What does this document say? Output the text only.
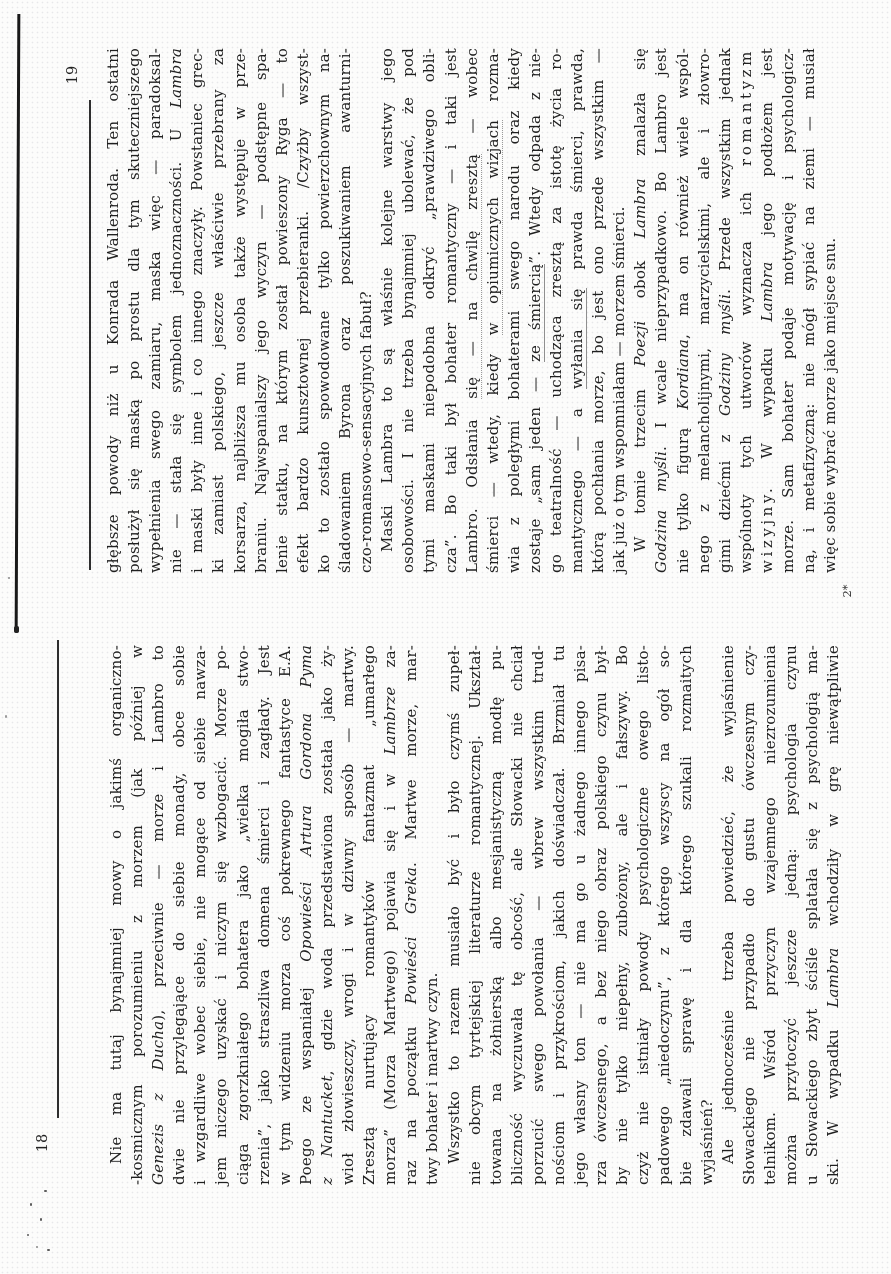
19	głębsze powody niż u Konrada Wallenroda. Ten ostatni posłużył się maską po prostu dla tym skuteczniejszego wypełnienia swego zamiaru, maska więc — paradoksal- nie — stała się symbolem jednoznaczności. U Lambra i maski były inne i co innego znaczyły. Powstaniec grec- ki zamiast polskiego, jeszcze właściwie przebrany za korsarza, najbliższa mu osoba także występuje w prze- braniu. Najwspanialszy jego wyczyn — podstępne spa- lenie statku, na którym został powieszony Ryga — to efekt bardzo kunsztownej przebieranki. /Czyżby wszyst- ko to zostało spowodowane tylko powierzchownym na- śladowaniem Byrona oraz poszukiwaniem awanturni- czo-romansowo-sensacyjnych fabuł? Maski Lambra to są właśnie kolejne warstwy jego osobowości. I nie trzeba bynajmniej ubolewać, że pod tymi maskami niepodobna odkryć „prawdziwego obli- cza”. Bo taki był bohater romantyczny — i taki jest Lambro. Odsłania się — na chwilę zresztą — wobec
śmierci — wtedy, kiedy w opiumicznych wizjach rozma- wia z poległymi bohaterami swego narodu oraz kiedy zostaje „sam jeden — ze śmiercią”. Wtedy odpada z nie- go teatralność — uchodząca zresztą za istotę życia ro- mantycznego — a wyłania się prawda śmierci, prawda, którą pochłania morze, bo jest ono przede wszystkim — jak już o tym wspomniałam — morzem śmierci. W tomie trzecim Poezji obok Lambra znalazła się
Godzina myśli. I wcale nieprzypadkowo. Bo Lambro jest
nie tylko figurą Kordiana, ma on również wiele wspól- nego z melancholijnymi, marzycielskimi, ale i złowro- gimi dziećmi z Godziny myśli. Przede wszystkim jednak wspólnoty tych utworów wyznacza ich romantyzm
wizyjny. W wypadku Lambra jego podłożem jest morze. Sam bohater podaje motywację i psychologicz- ną, i metafizyczną: nie mógł sypiać na ziemi — musiał więc sobie wybrać morze jako miejsce snu.
2*
18	Nie ma tutaj bynajmniej mowy o jakimś organiczno- -kosmicznym porozumieniu z morzem (jak później w Genezis z Ducha), przeciwnie — morze i Lambro to dwie nie przylegające do siebie monady, obce sobie i wzgardliwe wobec siebie, nie mogące od siebie nawza- jem niczego uzyskać i niczym się wzbogacić. Morze po- ciąga zgorzkniałego bohatera jako „wielka mogiła stwo- rzenia”, jako straszliwa domena śmierci i zagłady. Jest w tym widzeniu morza coś pokrewnego fantastyce E.A. Poego ze wspaniałej Opowieści Artura Gordona Pyma
z Nantucket, gdzie woda przedstawiona została jako ży- wioł złowieszczy, wrogi i w dziwny sposób — martwy. Zresztą nurtujący romantyków fantazmat „umarłego morza” (Morza Martwego) pojawia się i w Lambrze za-
raz na początku Powieści Greka. Martwe morze, mar-
twy bohater i martwy czyn. Wszystko to razem musiało być i było czymś zupeł- nie obcym tyrtejskiej literaturze romantycznej. Ukształ- towana na żołnierską albo mesjanistyczną modłę pu- bliczność wyczuwała tę obcość, ale Słowacki nie chciał porzucić swego powołania — wbrew wszystkim trud- nościom i przykrościom, jakich doświadczał. Brzmiał tu jego własny ton — nie ma go u żadnego innego pisa- rza ówczesnego, a bez niego obraz polskiego czynu był- by nie tylko niepełny, zubożony, ale i fałszywy. Bo czyż nie istniały powody psychologiczne owego listo- padowego „niedoczynu”, z którego wszyscy na ogół so- bie zdawali sprawę i dla którego szukali rozmaitych wyjaśnień? Ale jednocześnie trzeba powiedzieć, że wyjaśnienie Słowackiego nie przypadło do gustu ówczesnym czy- telnikom. Wśród przyczyn wzajemnego niezrozumienia można przytoczyć jeszcze jedną: psychologia czynu u Słowackiego zbyt ściśle splatała się z psychologią ma- ski. W wypadku Lambra wchodziły w grę niewątpliwie
